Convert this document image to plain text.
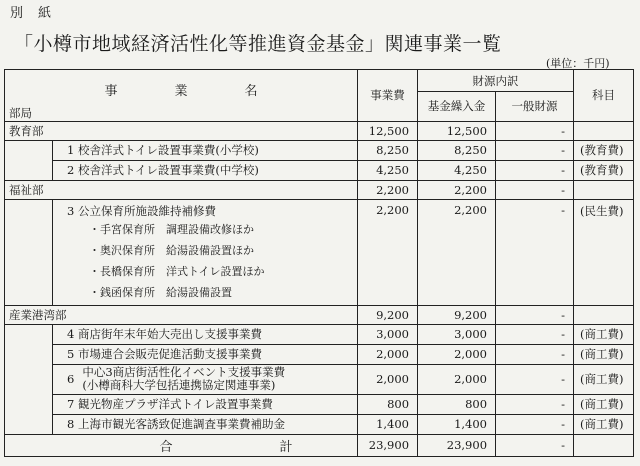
別　紙
「小樽市地域経済活性化等推進資金基金」関連事業一覧
(単位：千円)
事　業　名		事業費	財源内訳		科目
			基金繰入金	一般財源	
部局					
教育部		12,500	12,500	-	
	1 校舎洋式トイレ設置事業費(小学校)	8,250	8,250	-	(教育費)
	2 校舎洋式トイレ設置事業費(中学校)	4,250	4,250	-	(教育費)
福祉部		2,200	2,200	-	

	3 公立保育所施設維持補修費
・手宮保育所　調理設備改修ほか
・奥沢保育所　給湯設備設置ほか
・長橋保育所　洋式トイレ設置ほか
・銭函保育所　給湯設備設置	2,200	2,200	-	(民生費)
産業港湾部		9,200	9,200	-	
	4 商店街年末年始大売出し支援事業費	3,000	3,000	-	(商工費)
	5 市場連合会販売促進活動支援事業費	2,000	2,000	-	(商工費)

	6 中心3商店街活性化イベント支援事業費
(小樽商科大学包括連携協定関連事業)	2,000	2,000	-	(商工費)
	7 観光物産プラザ洋式トイレ設置事業費	800	800	-	(商工費)
	8 上海市観光客誘致促進調査事業費補助金	1,400	1,400	-	(商工費)
	合 計	23,900	23,900	-	
